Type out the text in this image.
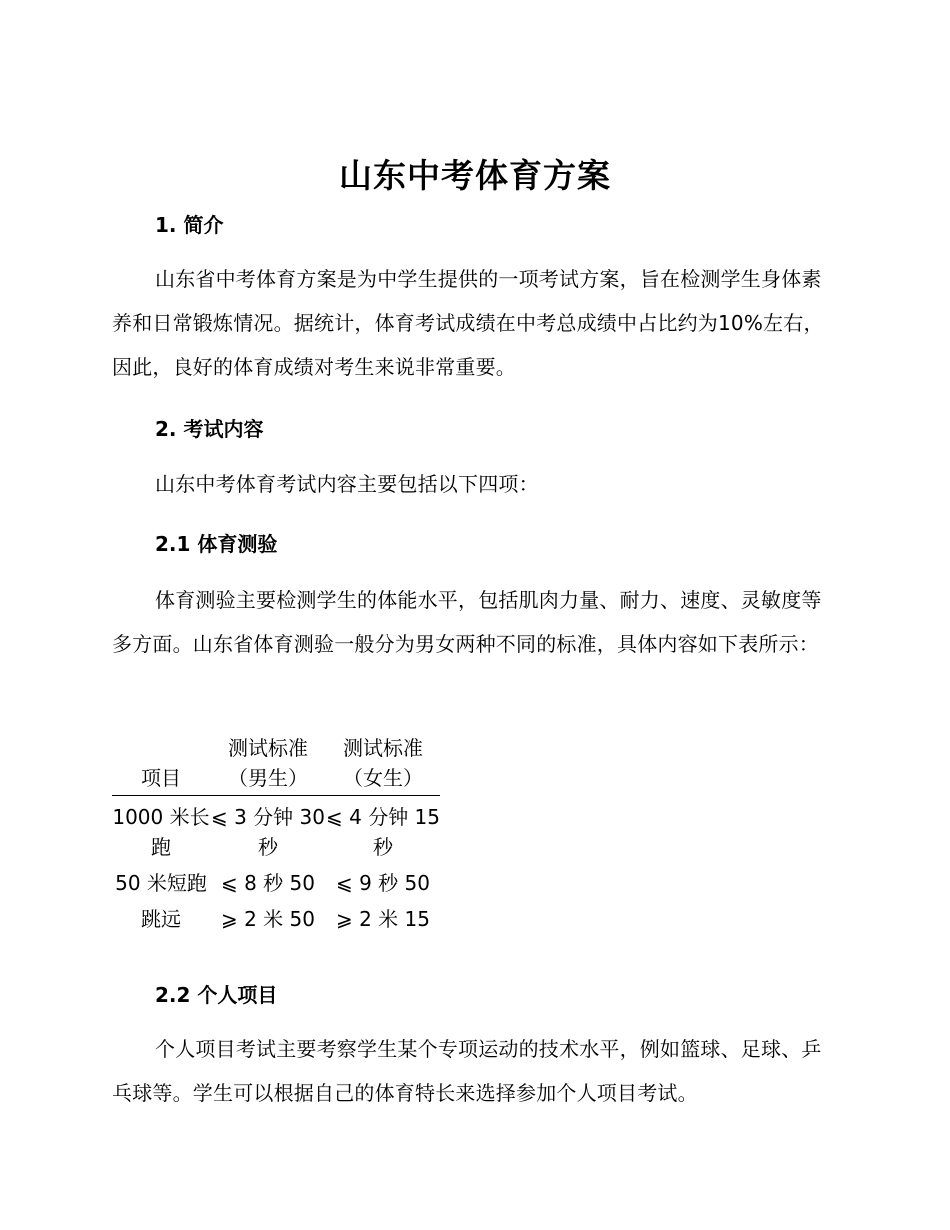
山东中考体育方案
1. 简介
山东省中考体育方案是为中学生提供的一项考试方案，旨在检测学生身体素养和日常锻炼情况。据统计，体育考试成绩在中考总成绩中占比约为10%左右，因此，良好的体育成绩对考生来说非常重要。
2. 考试内容
山东中考体育考试内容主要包括以下四项：
2.1 体育测验
体育测验主要检测学生的体能水平，包括肌肉力量、耐力、速度、灵敏度等多方面。山东省体育测验一般分为男女两种不同的标准，具体内容如下表所示：
项目	测试标准（男生）	测试标准（女生）
1000 米长跑	⩽ 3 分钟 30 秒	⩽ 4 分钟 15 秒
50 米短跑	⩽ 8 秒 50	⩽ 9 秒 50
跳远	⩾ 2 米 50	⩾ 2 米 15
2.2 个人项目
个人项目考试主要考察学生某个专项运动的技术水平，例如篮球、足球、乒乓球等。学生可以根据自己的体育特长来选择参加个人项目考试。
